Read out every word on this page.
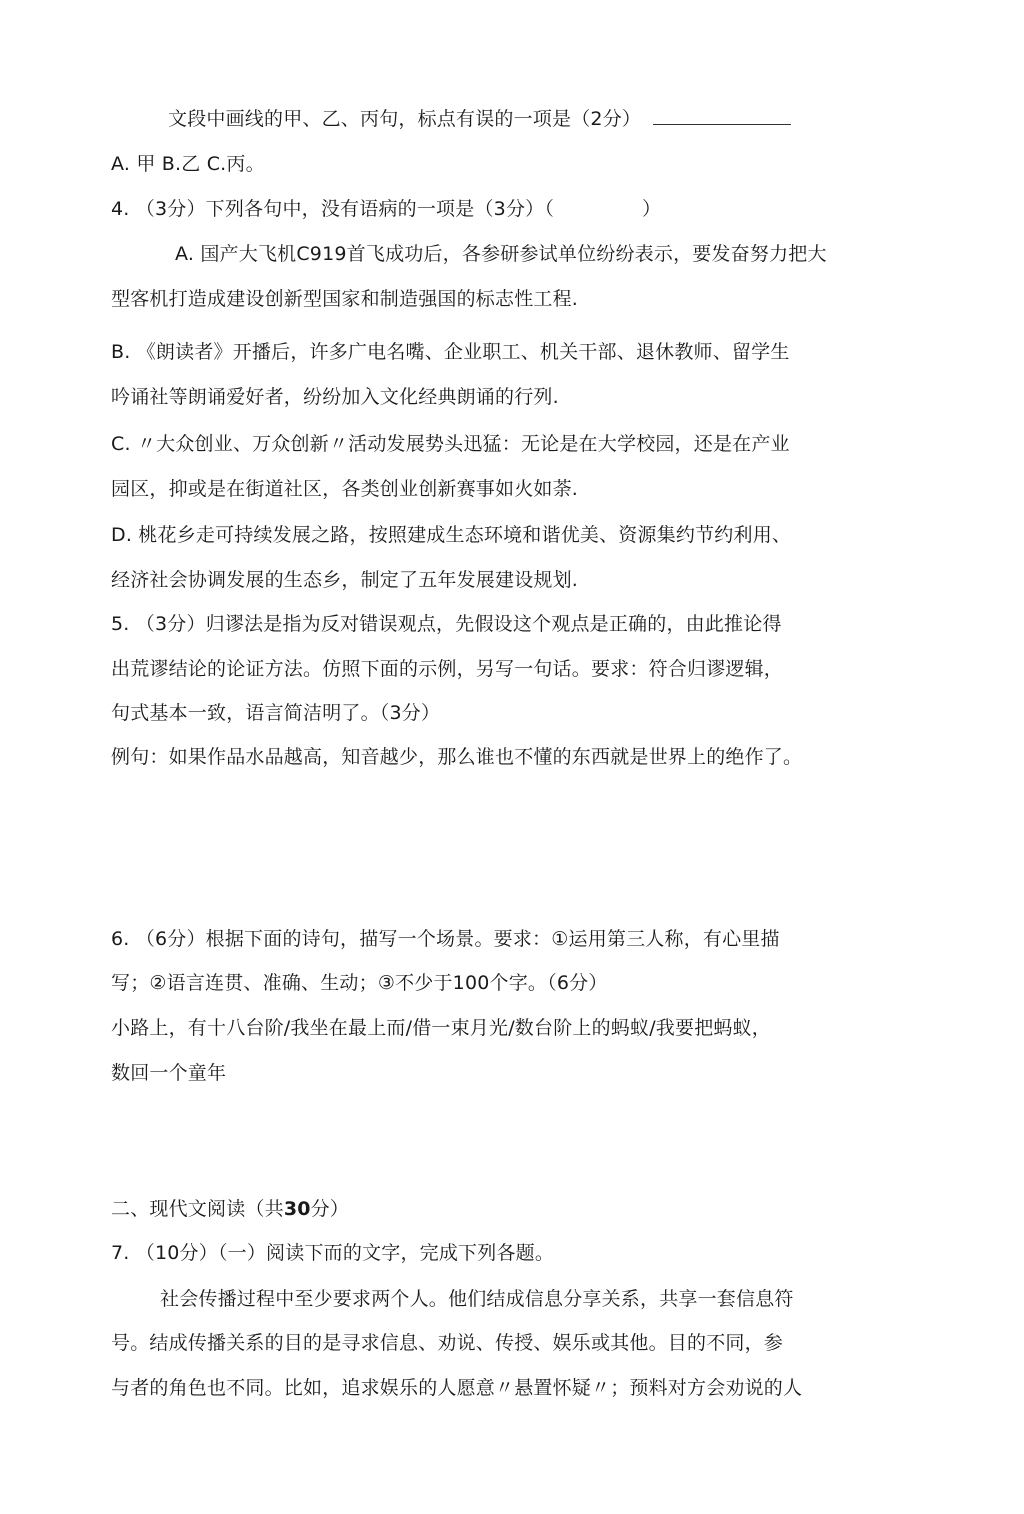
文段中画线的甲、乙、丙句，标点有误的一项是（2分）
A. 甲 B.乙 C.丙。
4. （3分）下列各句中，没有语病的一项是（3分）（	）
A. 国产大飞机C919首飞成功后，各参研参试单位纷纷表示，要发奋努力把大
型客机打造成建设创新型国家和制造强国的标志性工程.
B. 《朗读者》开播后，许多广电名嘴、企业职工、机关干部、退休教师、留学生
吟诵社等朗诵爱好者，纷纷加入文化经典朗诵的行列.
C. 〃大众创业、万众创新〃活动发展势头迅猛：无论是在大学校园，还是在产业
园区，抑或是在街道社区，各类创业创新赛事如火如荼.
D. 桃花乡走可持续发展之路，按照建成生态环境和谐优美、资源集约节约利用、
经济社会协调发展的生态乡，制定了五年发展建设规划.
5. （3分）归谬法是指为反对错误观点，先假设这个观点是正确的，由此推论得
出荒谬结论的论证方法。仿照下面的示例，另写一句话。要求：符合归谬逻辑，
句式基本一致，语言简洁明了。（3分）
例句：如果作品水品越高，知音越少，那么谁也不懂的东西就是世界上的绝作了。
6. （6分）根据下面的诗句，描写一个场景。要求：①运用第三人称，有心里描
写；②语言连贯、准确、生动；③不少于100个字。（6分）
小路上，有十八台阶/我坐在最上而/借一束月光/数台阶上的蚂蚁/我要把蚂蚁，
数回一个童年
二、现代文阅读（共30分）
7. （10分）（一）阅读下而的文字，完成下列各题。
社会传播过程中至少要求两个人。他们结成信息分享关系，共享一套信息符
号。结成传播关系的目的是寻求信息、劝说、传授、娱乐或其他。目的不同，参
与者的角色也不同。比如，追求娱乐的人愿意〃悬置怀疑〃；预料对方会劝说的人
